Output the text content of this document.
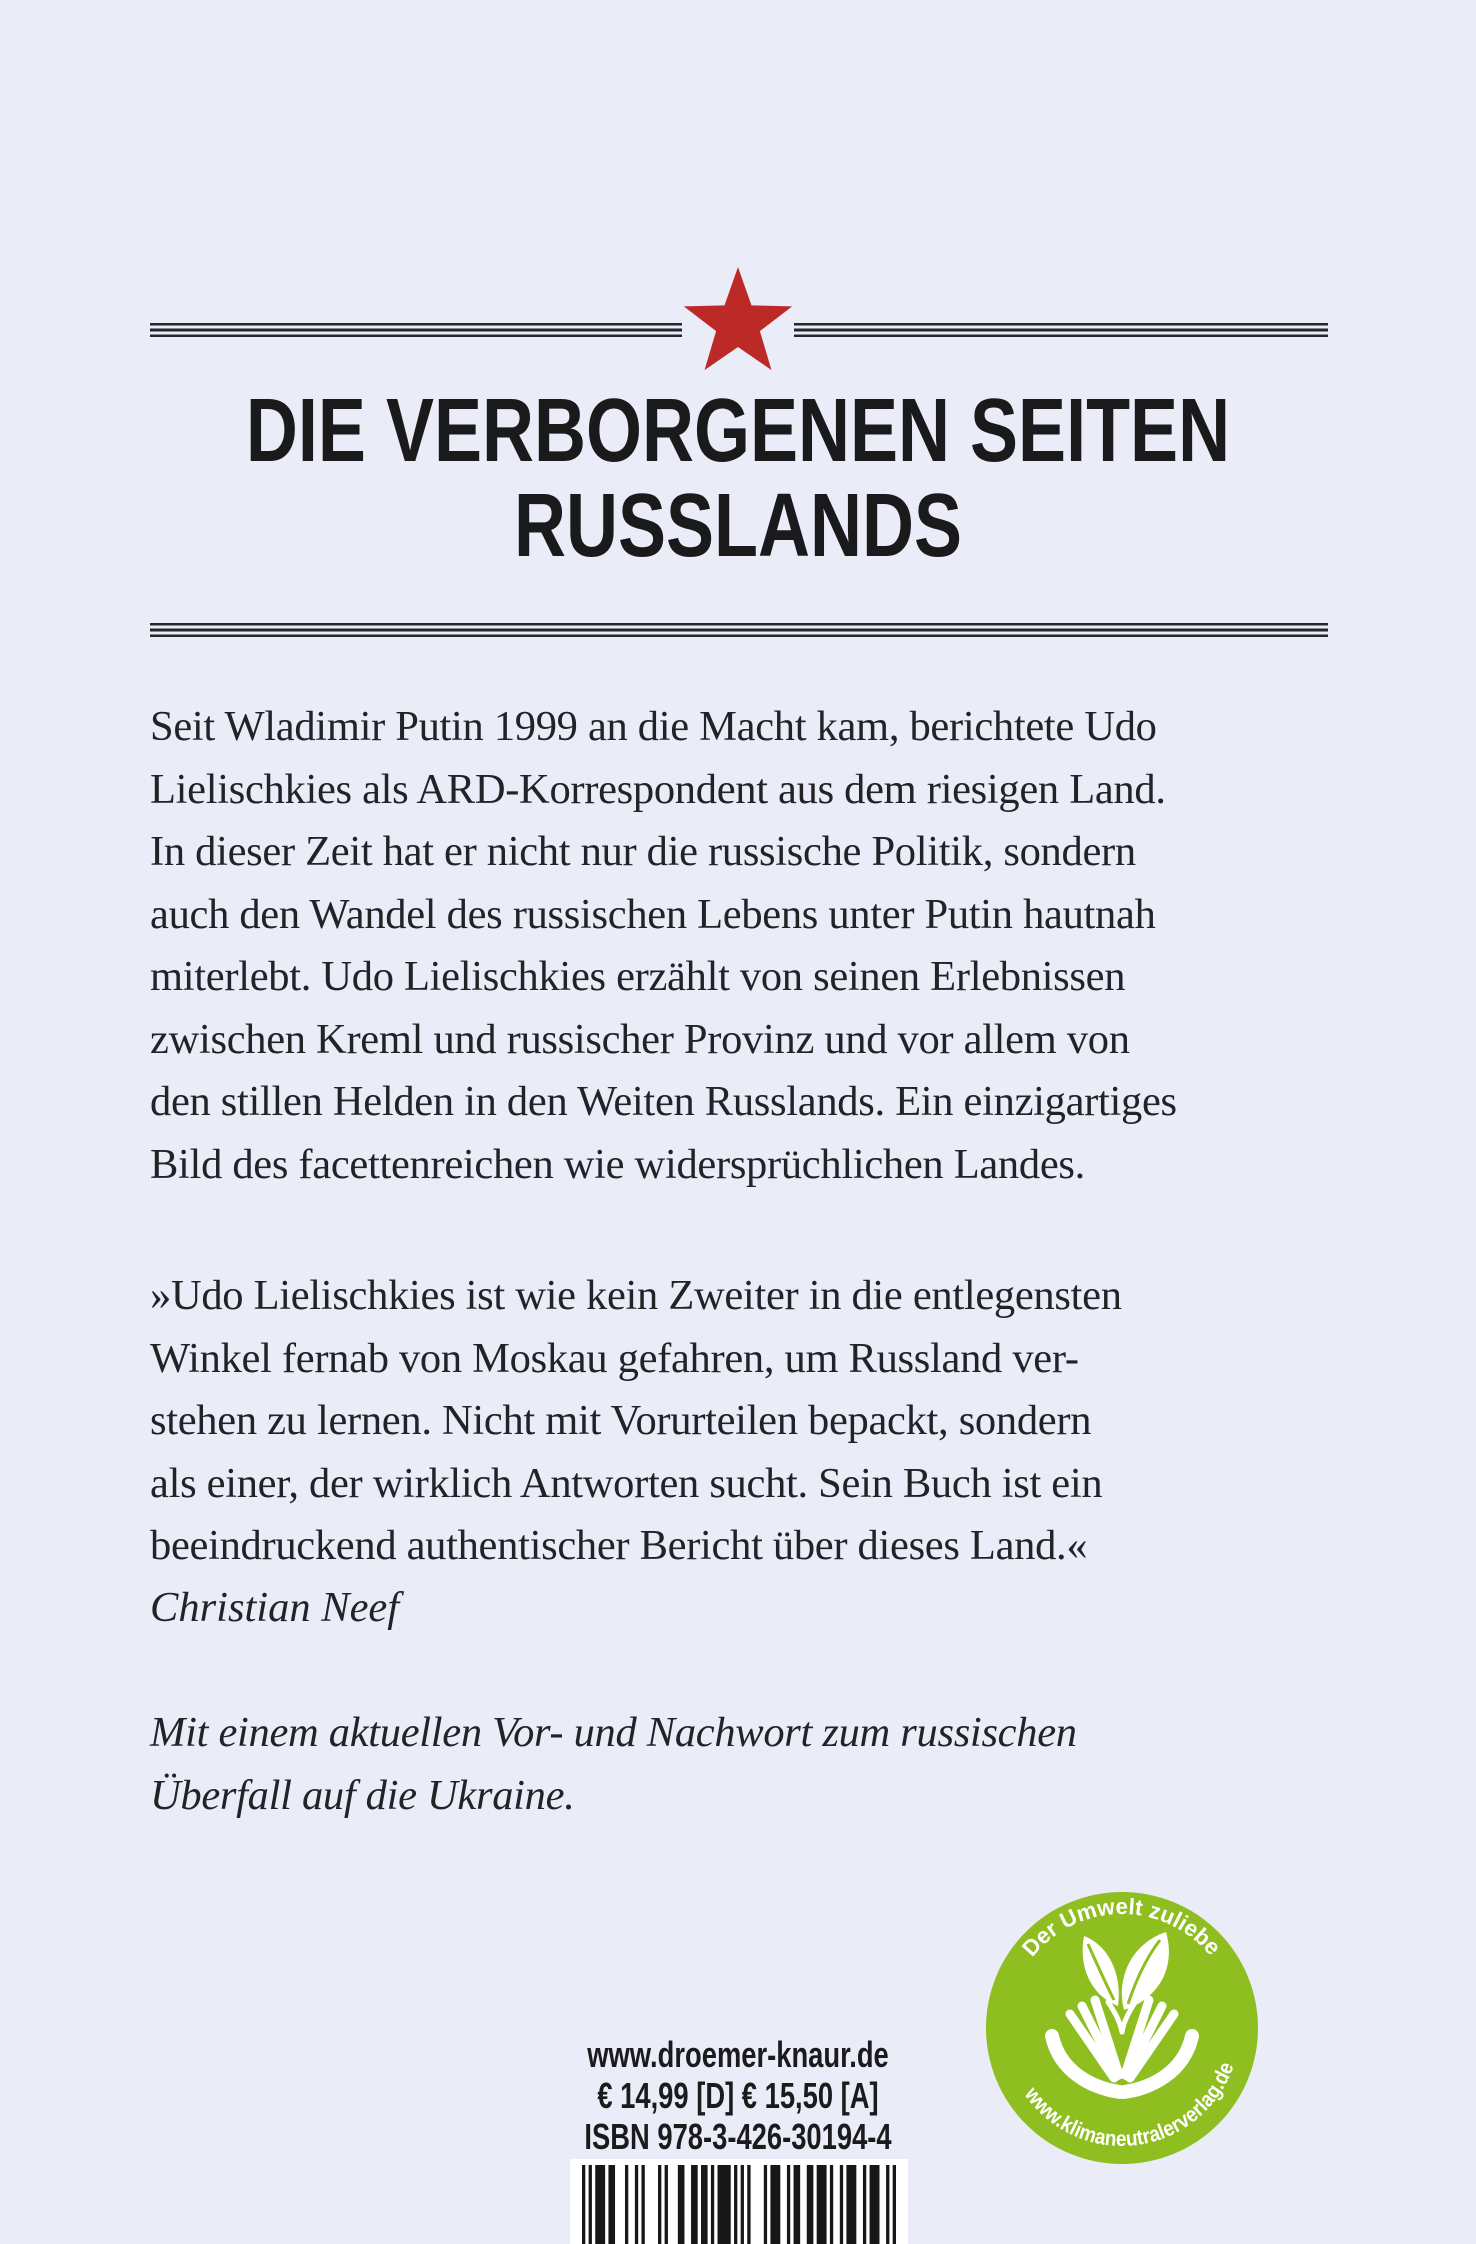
DIE VERBORGENEN SEITEN
RUSSLANDS
Seit Wladimir Putin 1999 an die Macht kam, berichtete Udo
Lielischkies als ARD-Korrespondent aus dem riesigen Land.
In dieser Zeit hat er nicht nur die russische Politik, sondern
auch den Wandel des russischen Lebens unter Putin hautnah
miterlebt. Udo Lielischkies erzählt von seinen Erlebnissen
zwischen Kreml und russischer Provinz und vor allem von
den stillen Helden in den Weiten Russlands. Ein einzigartiges
Bild des facettenreichen wie widersprüchlichen Landes.
»Udo Lielischkies ist wie kein Zweiter in die entlegensten
Winkel fernab von Moskau gefahren, um Russland ver-
stehen zu lernen. Nicht mit Vorurteilen bepackt, sondern
als einer, der wirklich Antworten sucht. Sein Buch ist ein
beeindruckend authentischer Bericht über dieses Land.«
Christian Neef
Mit einem aktuellen Vor- und Nachwort zum russischen
Überfall auf die Ukraine.
www.droemer-knaur.de
€ 14,99 [D] € 15,50 [A]
ISBN 978-3-426-30194-4
Der Umwelt zuliebe
www.klimaneutralerverlag.de
